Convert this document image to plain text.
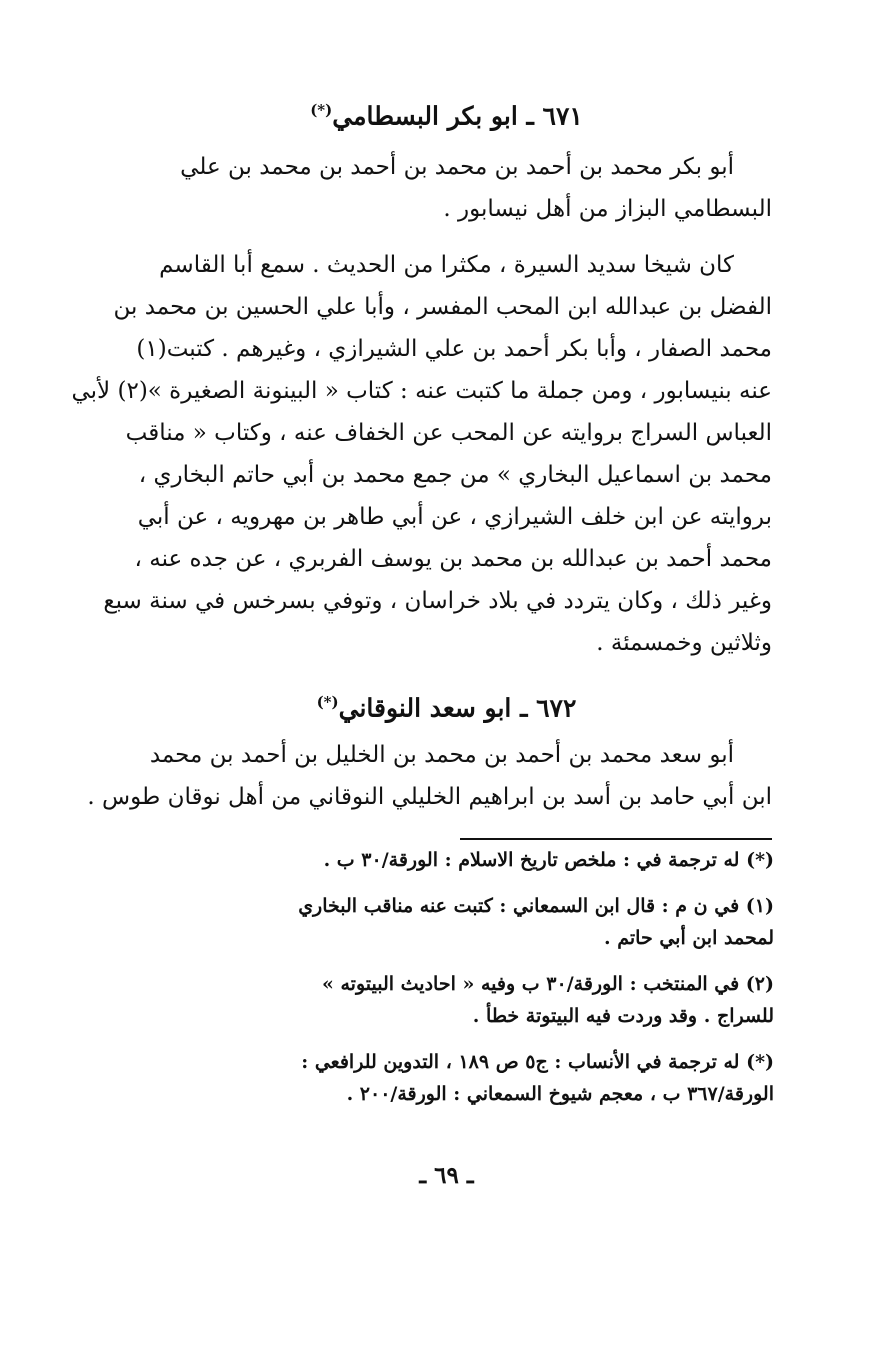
٦٧١ ـ ابو بكر البسطامي(*)
أبو بكر محمد بن أحمد بن محمد بن أحمد بن محمد بن علي
البسطامي البزاز من أهل نيسابور .
كان شيخا سديد السيرة ، مكثرا من الحديث . سمع أبا القاسم
الفضل بن عبدالله ابن المحب المفسر ، وأبا علي الحسين بن محمد بن
محمد الصفار ، وأبا بكر أحمد بن علي الشيرازي ، وغيرهم . كتبت(١)
عنه بنيسابور ، ومن جملة ما كتبت عنه : كتاب « البينونة الصغيرة »(٢) لأبي
العباس السراج بروايته عن المحب عن الخفاف عنه ، وكتاب « مناقب
محمد بن اسماعيل البخاري » من جمع محمد بن أبي حاتم البخاري ،
بروايته عن ابن خلف الشيرازي ، عن أبي طاهر بن مهرويه ، عن أبي
محمد أحمد بن عبدالله بن محمد بن يوسف الفربري ، عن جده عنه ،
وغير ذلك ، وكان يتردد في بلاد خراسان ، وتوفي بسرخس في سنة سبع
وثلاثين وخمسمئة .
٦٧٢ ـ ابو سعد النوقاني(*)
أبو سعد محمد بن أحمد بن محمد بن الخليل بن أحمد بن محمد
ابن أبي حامد بن أسد بن ابراهيم الخليلي النوقاني من أهل نوقان طوس .
(*) له ترجمة في : ملخص تاريخ الاسلام : الورقة/٣٠ ب .
(١) في ن م : قال ابن السمعاني : كتبت عنه مناقب البخاري
لمحمد ابن أبي حاتم .
(٢) في المنتخب : الورقة/٣٠ ب وفيه « احاديث البيتوته »
للسراج . وقد وردت فيه البيتوتة خطأ .
(*) له ترجمة في الأنساب : ج٥ ص ١٨٩ ، التدوين للرافعي :
الورقة/٣٦٧ ب ، معجم شيوخ السمعاني : الورقة/٢٠٠ .
ـ ٦٩ ـ
